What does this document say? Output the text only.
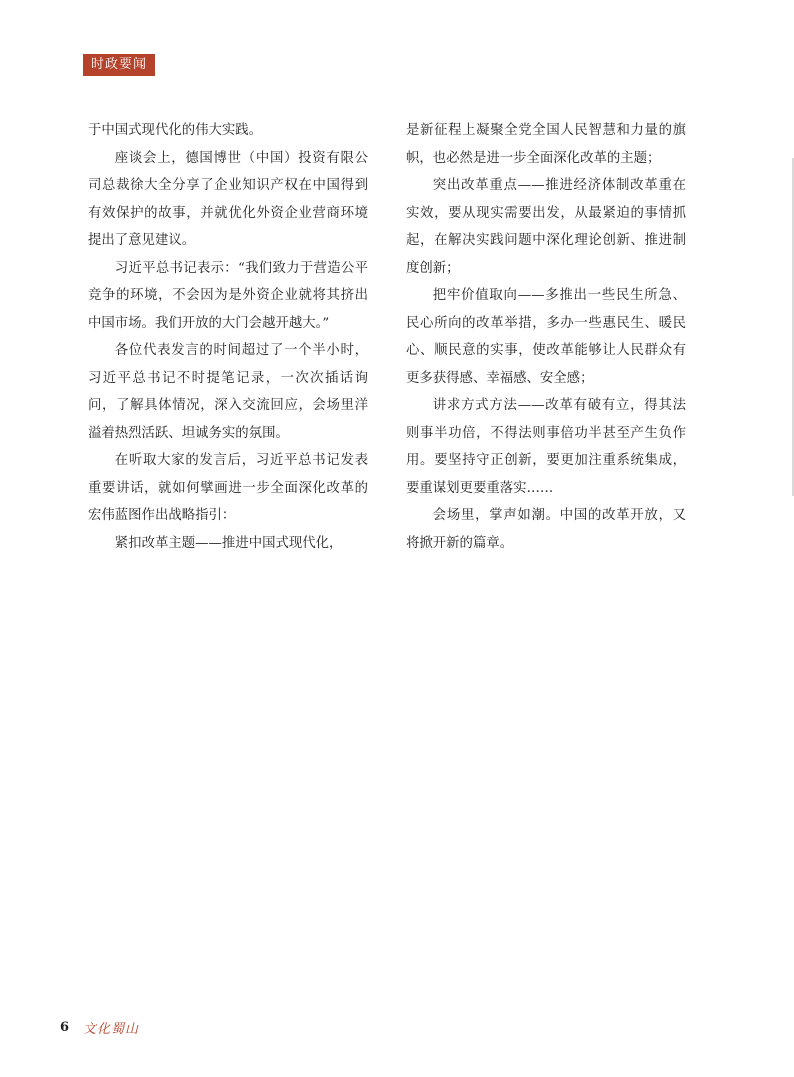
时政要闻

于中国式现代化的伟大实践。

座谈会上，德国博世（中国）投资有限公司总裁徐大全分享了企业知识产权在中国得到有效保护的故事，并就优化外资企业营商环境提出了意见建议。

习近平总书记表示：“我们致力于营造公平竞争的环境，不会因为是外资企业就将其挤出中国市场。我们开放的大门会越开越大。”

各位代表发言的时间超过了一个半小时，习近平总书记不时提笔记录，一次次插话询问，了解具体情况，深入交流回应，会场里洋溢着热烈活跃、坦诚务实的氛围。

在听取大家的发言后，习近平总书记发表重要讲话，就如何擘画进一步全面深化改革的宏伟蓝图作出战略指引：

紧扣改革主题——推进中国式现代化，

是新征程上凝聚全党全国人民智慧和力量的旗帜，也必然是进一步全面深化改革的主题；

突出改革重点——推进经济体制改革重在实效，要从现实需要出发，从最紧迫的事情抓起，在解决实践问题中深化理论创新、推进制度创新；

把牢价值取向——多推出一些民生所急、民心所向的改革举措，多办一些惠民生、暖民心、顺民意的实事，使改革能够让人民群众有更多获得感、幸福感、安全感；

讲求方式方法——改革有破有立，得其法则事半功倍，不得法则事倍功半甚至产生负作用。要坚持守正创新，要更加注重系统集成，要重谋划更要重落实……

会场里，掌声如潮。中国的改革开放，又将掀开新的篇章。

6 文化蜀山
